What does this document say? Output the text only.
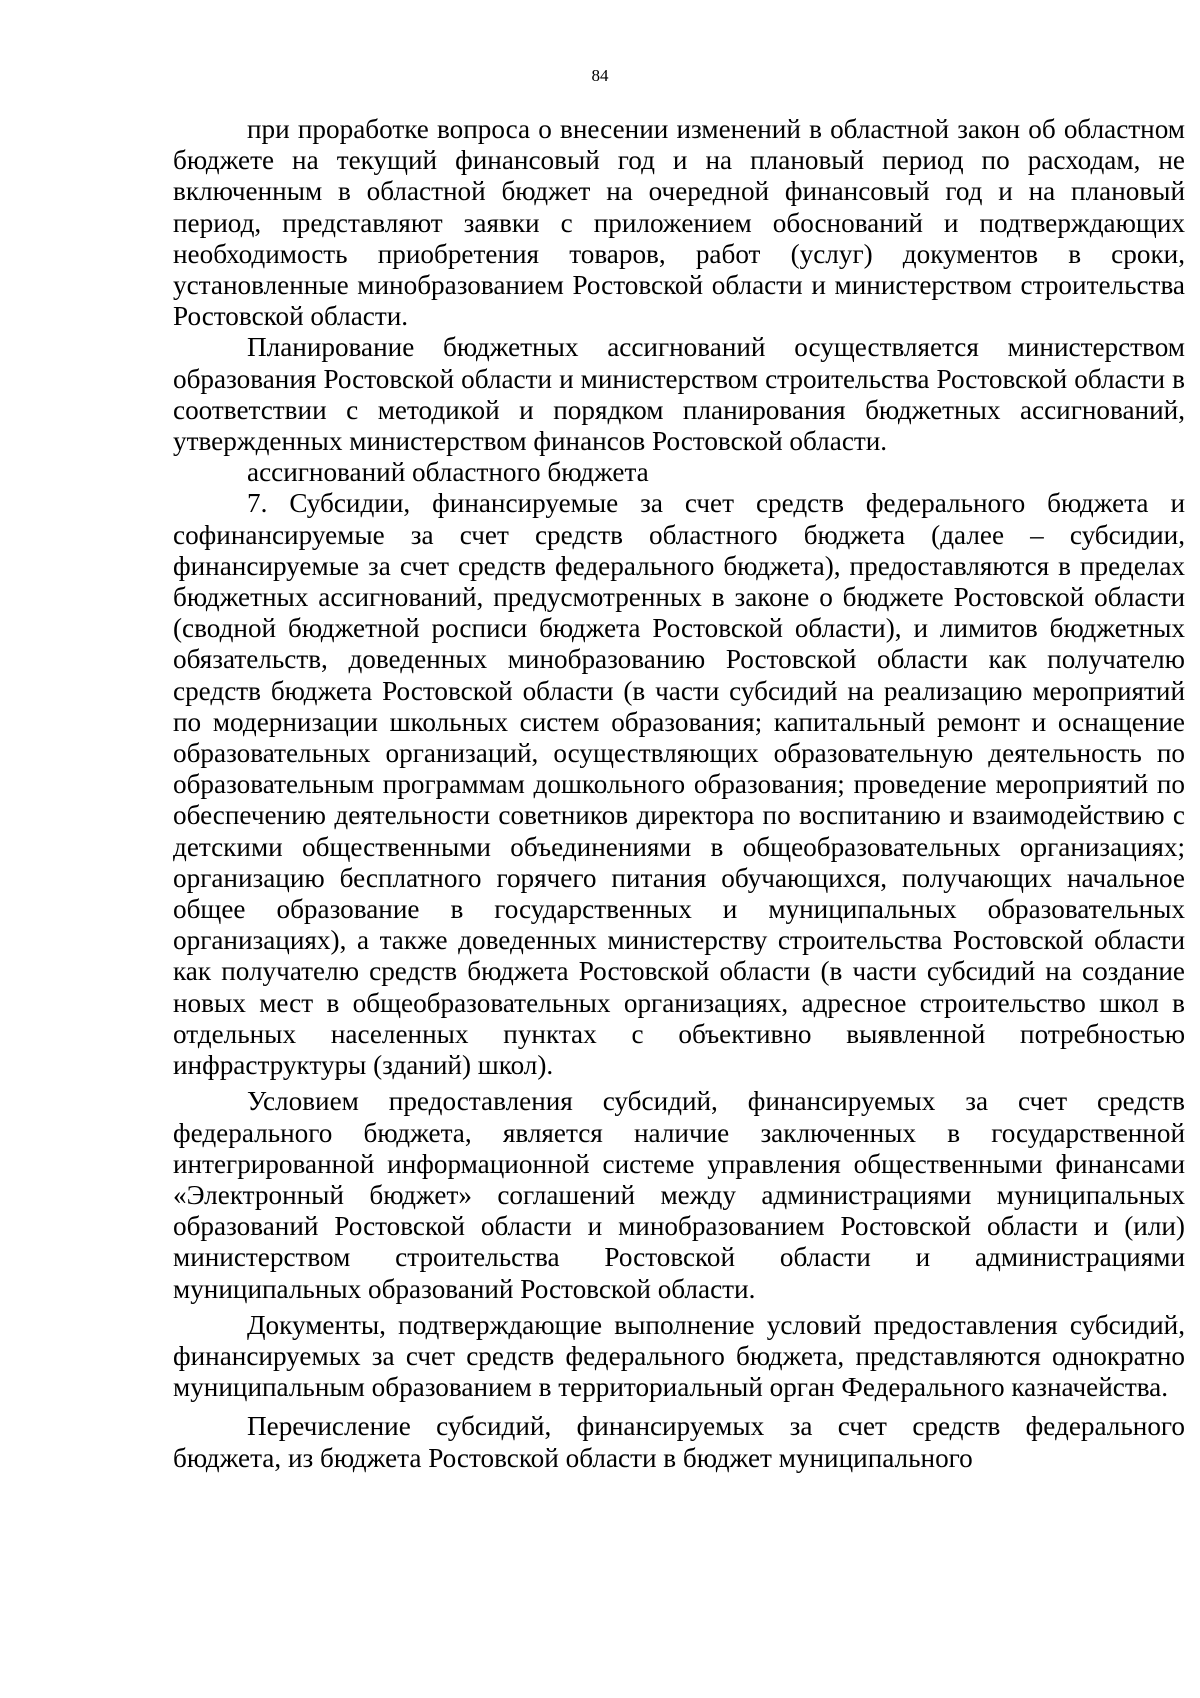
84

при проработке вопроса о внесении изменений в областной закон об областном бюджете на текущий финансовый год и на плановый период по расходам, не включенным в областной бюджет на очередной финансовый год и на плановый период, представляют заявки с приложением обоснований и подтверждающих необходимость приобретения товаров, работ (услуг) документов в сроки, установленные минобразованием Ростовской области и министерством строительства Ростовской области.

Планирование бюджетных ассигнований осуществляется министерством образования Ростовской области и министерством строительства Ростовской области в соответствии с методикой и порядком планирования бюджетных ассигнований, утвержденных министерством финансов Ростовской области.

ассигнований областного бюджета

7. Субсидии, финансируемые за счет средств федерального бюджета и софинансируемые за счет средств областного бюджета (далее – субсидии, финансируемые за счет средств федерального бюджета), предоставляются в пределах бюджетных ассигнований, предусмотренных в законе о бюджете Ростовской области (сводной бюджетной росписи бюджета Ростовской области), и лимитов бюджетных обязательств, доведенных минобразованию Ростовской области как получателю средств бюджета Ростовской области (в части субсидий на реализацию мероприятий по модернизации школьных систем образования; капитальный ремонт и оснащение образовательных организаций, осуществляющих образовательную деятельность по образовательным программам дошкольного образования; проведение мероприятий по обеспечению деятельности советников директора по воспитанию и взаимодействию с детскими общественными объединениями в общеобразовательных организациях; организацию бесплатного горячего питания обучающихся, получающих начальное общее образование в государственных и муниципальных образовательных организациях), а также доведенных министерству строительства Ростовской области как получателю средств бюджета Ростовской области (в части субсидий на создание новых мест в общеобразовательных организациях, адресное строительство школ в отдельных населенных пунктах с объективно выявленной потребностью инфраструктуры (зданий) школ).

Условием предоставления субсидий, финансируемых за счет средств федерального бюджета, является наличие заключенных в государственной интегрированной информационной системе управления общественными финансами «Электронный бюджет» соглашений между администрациями муниципальных образований Ростовской области и минобразованием Ростовской области и (или) министерством строительства Ростовской области и администрациями муниципальных образований Ростовской области.

Документы, подтверждающие выполнение условий предоставления субсидий, финансируемых за счет средств федерального бюджета, представляются однократно муниципальным образованием в территориальный орган Федерального казначейства.

Перечисление субсидий, финансируемых за счет средств федерального бюджета, из бюджета Ростовской области в бюджет муниципального
